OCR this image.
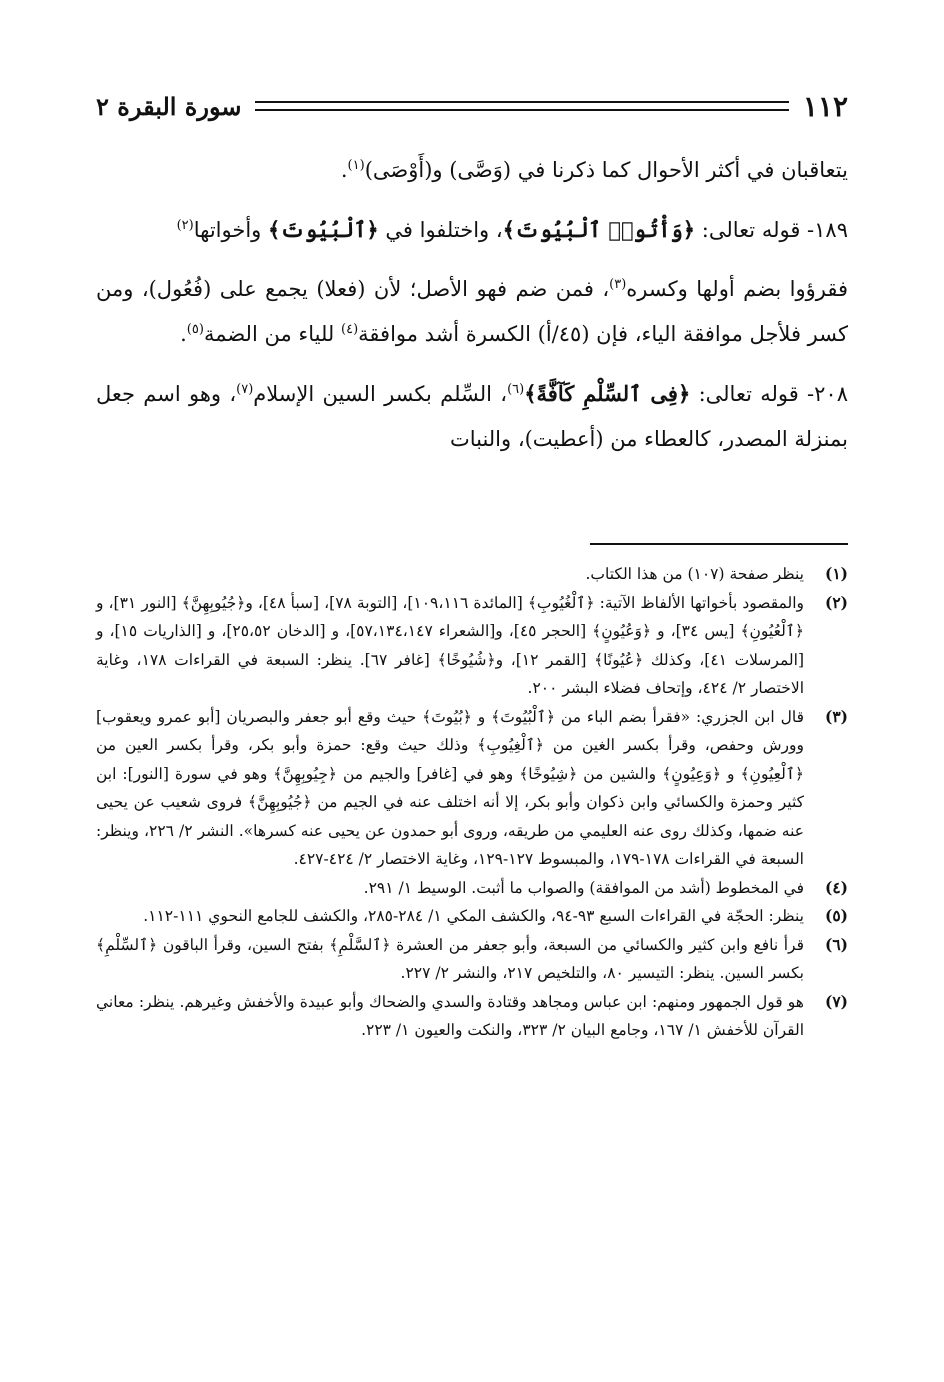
١١٢
سورة البقرة ٢

يتعاقبان في أكثر الأحوال كما ذكرنا في (وَصَّى) و(أَوْصَى)$^{(١)}$.

١٨٩- قوله تعالى: ﴿وَأْتُوا۟ ٱلْبُيُوتَ﴾، واختلفوا في ﴿ٱلْبُيُوتَ﴾ وأخواتها$^{(٢)}$

فقرؤوا بضم أولها وكسره$^{(٣)}$، فمن ضم فهو الأصل؛ لأن (فعلا) يجمع على (فُعُول)، ومن كسر فلأجل موافقة الياء، فإن (٤٥/أ) الكسرة أشد موافقة$^{(٤)}$ للياء من الضمة$^{(٥)}$.

٢٠٨- قوله تعالى: ﴿فِى ٱلسِّلْمِ كَآفَّةً﴾$^{(٦)}$، السِّلم بكسر السين الإسلام$^{(٧)}$، وهو اسم جعل بمنزلة المصدر، كالعطاء من (أعطيت)، والنبات

(١)
ينظر صفحة (١٠٧) من هذا الكتاب.
(٢)
والمقصود بأخواتها الألفاظ الآتية: ﴿ٱلْغُيُوبِ﴾ [المائدة ١٠٩،١١٦]، [التوبة ٧٨]، [سبأ ٤٨]، و﴿جُيُوبِهِنَّ﴾ [النور ٣١]، و ﴿ٱلْعُيُونِ﴾ [يس ٣٤]، و ﴿وَعُيُونٍ﴾ [الحجر ٤٥]، و[الشعراء ٥٧،١٣٤،١٤٧]، و [الدخان ٢٥،٥٢]، و [الذاريات ١٥]، و [المرسلات ٤١]، وكذلك ﴿عُيُونًا﴾ [القمر ١٢]، و﴿شُيُوخًا﴾ [غافر ٦٧]. ينظر: السبعة في القراءات ١٧٨، وغاية الاختصار ٢/ ٤٢٤، وإتحاف فضلاء البشر ٢٠٠.
(٣)
قال ابن الجزري: «فقرأ بضم الباء من ﴿ٱلْبُيُوتَ﴾ و ﴿بُيُوتَ﴾ حيث وقع أبو جعفر والبصريان [أبو عمرو ويعقوب] وورش وحفص، وقرأ بكسر الغين من ﴿ٱلْغِيُوبِ﴾ وذلك حيث وقع: حمزة وأبو بكر، وقرأ بكسر العين من ﴿ٱلْعِيُونِ﴾ و ﴿وَعِيُونٍ﴾ والشين من ﴿شِيُوخًا﴾ وهو في [غافر] والجيم من ﴿جِيُوبِهِنَّ﴾ وهو في سورة [النور]: ابن كثير وحمزة والكسائي وابن ذكوان وأبو بكر، إلا أنه اختلف عنه في الجيم من ﴿جُيُوبِهِنَّ﴾ فروى شعيب عن يحيى عنه ضمها، وكذلك روى عنه العليمي من طريقه، وروى أبو حمدون عن يحيى عنه كسرها». النشر ٢/ ٢٢٦، وينظر: السبعة في القراءات ١٧٨-١٧٩، والمبسوط ١٢٧-١٢٩، وغاية الاختصار ٢/ ٤٢٤-٤٢٧.
(٤)
في المخطوط (أشد من الموافقة) والصواب ما أثبت. الوسيط ١/ ٢٩١.
(٥)
ينظر: الحجّة في القراءات السبع ٩٣-٩٤، والكشف المكي ١/ ٢٨٤-٢٨٥، والكشف للجامع النحوي ١١١-١١٢.
(٦)
قرأ نافع وابن كثير والكسائي من السبعة، وأبو جعفر من العشرة ﴿ٱلسَّلْمِ﴾ بفتح السين، وقرأ الباقون ﴿ٱلسِّلْمِ﴾ بكسر السين. ينظر: التيسير ٨٠، والتلخيص ٢١٧، والنشر ٢/ ٢٢٧.
(٧)
هو قول الجمهور ومنهم: ابن عباس ومجاهد وقتادة والسدي والضحاك وأبو عبيدة والأخفش وغيرهم. ينظر: معاني القرآن للأخفش ١/ ١٦٧، وجامع البيان ٢/ ٣٢٣، والنكت والعيون ١/ ٢٢٣.
